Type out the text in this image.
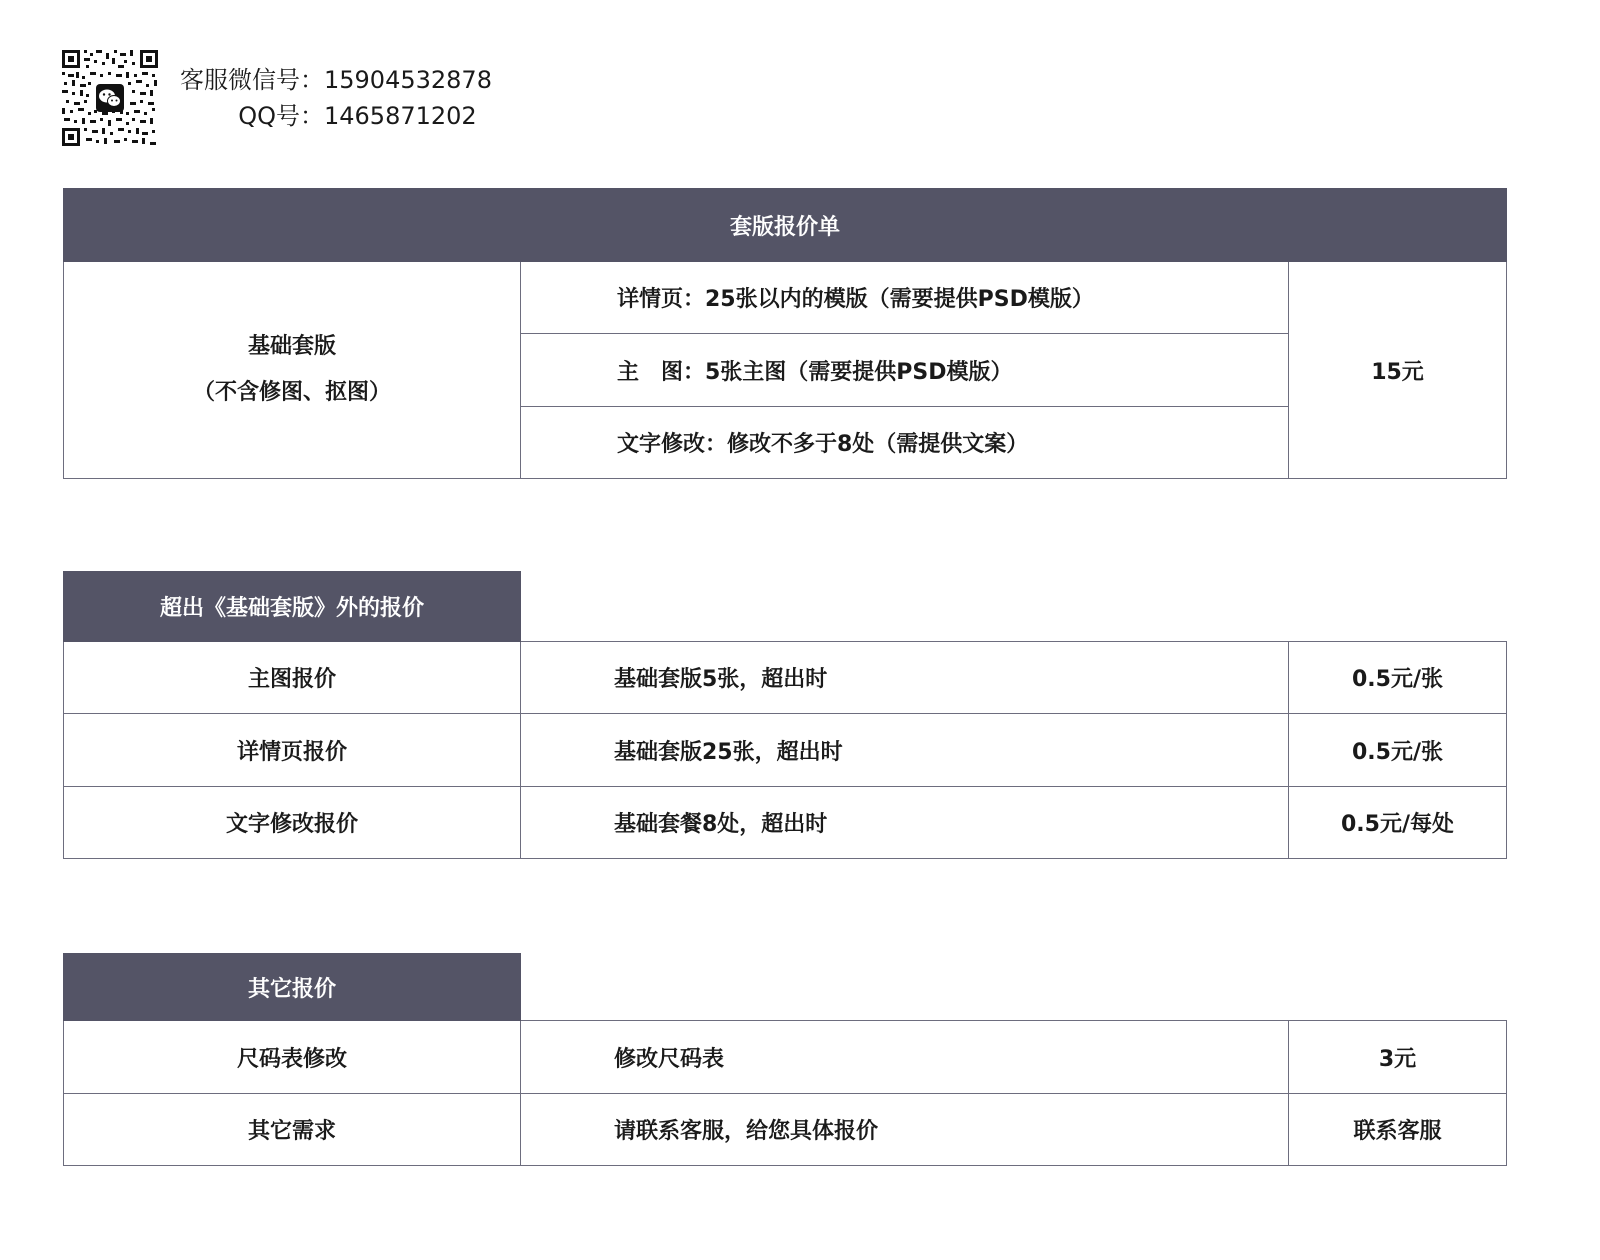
客服微信号： 15904532878
QQ号： 1465871202
套版报价单

基础套版
（不含修图、抠图）
	详情页：25张以内的模版（需要提供PSD模版）	15元
主　图：5张主图（需要提供PSD模版）
文字修改：修改不多于8处（需提供文案）
超出《基础套版》外的报价		
主图报价	基础套版5张，超出时	0.5元/张
详情页报价	基础套版25张，超出时	0.5元/张
文字修改报价	基础套餐8处，超出时	0.5元/每处
其它报价		
尺码表修改	修改尺码表	3元
其它需求	请联系客服，给您具体报价	联系客服
